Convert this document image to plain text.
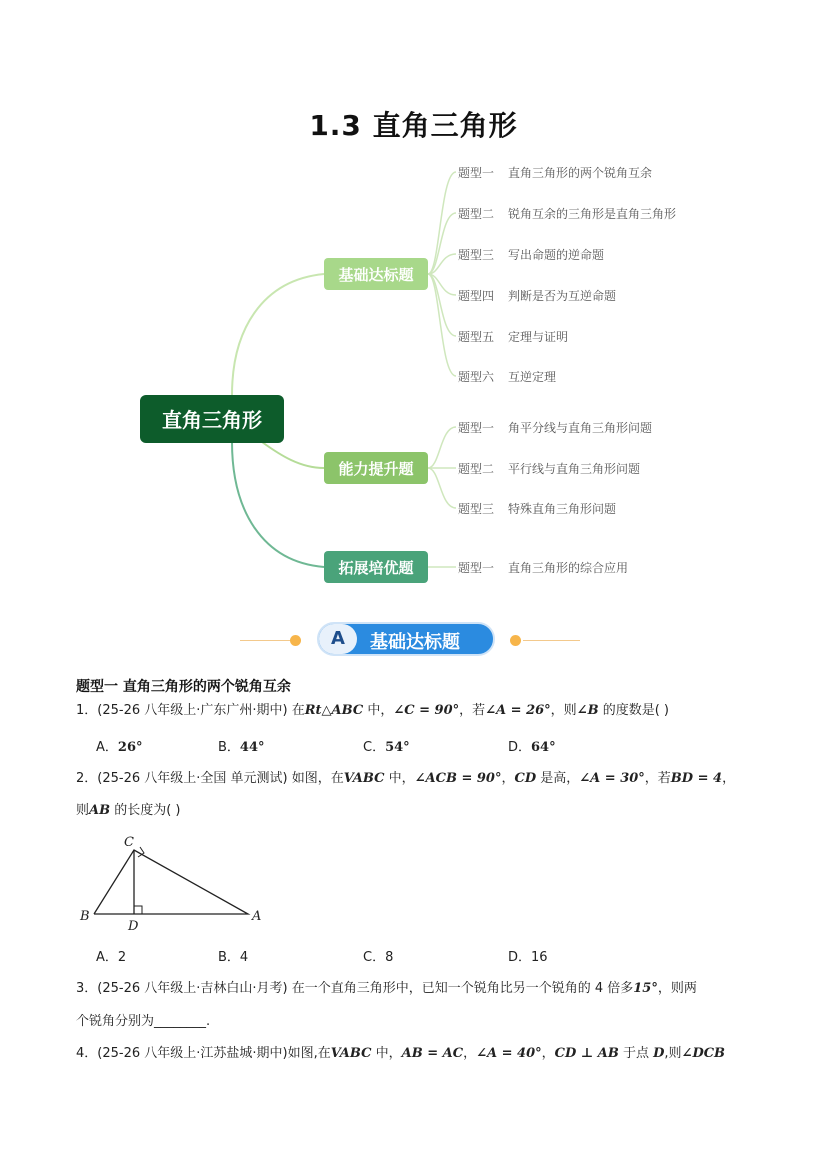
1.3 直角三角形
直角三角形
基础达标题
能力提升题
拓展培优题
题型一 直角三角形的两个锐角互余
题型二 锐角互余的三角形是直角三角形
题型三 写出命题的逆命题
题型四 判断是否为互逆命题
题型五 定理与证明
题型六 互逆定理
题型一 角平分线与直角三角形问题
题型二 平行线与直角三角形问题
题型三 特殊直角三角形问题
题型一 直角三角形的综合应用
A	基础达标题
题型一 直角三角形的两个锐角互余
1．(25-26 八年级上·广东广州·期中) 在Rt△ABC 中，∠C = 90°，若∠A = 26°，则∠B 的度数是( )
A．26°	B．44°	C．54°	D．64°
2．(25-26 八年级上·全国 单元测试) 如图，在VABC 中，∠ACB = 90°，CD 是高，∠A = 30°，若BD = 4，
则AB 的长度为( )
C
B
D
A
A．2	B．4	C．8	D．16
3．(25-26 八年级上·吉林白山·月考) 在一个直角三角形中，已知一个锐角比另一个锐角的 4 倍多15°，则两
个锐角分别为________.
4．(25-26 八年级上·江苏盐城·期中)如图,在VABC 中，AB = AC，∠A = 40°，CD ⊥ AB 于点 D,则∠DCB
